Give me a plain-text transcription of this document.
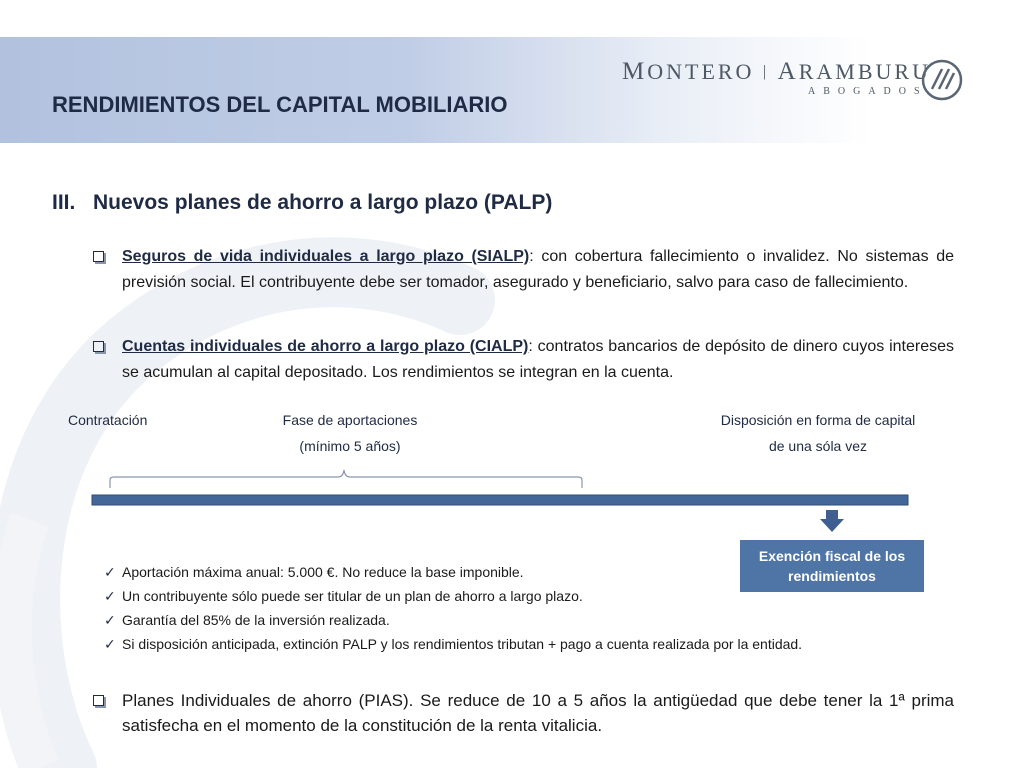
RENDIMIENTOS DEL CAPITAL MOBILIARIO
MONTERO | ARAMBURU
ABOGADOS
III. Nuevos planes de ahorro a largo plazo (PALP)
Seguros de vida individuales a largo plazo (SIALP): con cobertura fallecimiento o invalidez. No sistemas de previsión social. El contribuyente debe ser tomador, asegurado y beneficiario, salvo para caso de fallecimiento.
Cuentas individuales de ahorro a largo plazo (CIALP): contratos bancarios de depósito de dinero cuyos intereses se acumulan al capital depositado. Los rendimientos se integran en la cuenta.
Contratación	Fase de aportaciones
(mínimo 5 años)
Disposición en forma de capital
de una sóla vez
Exención fiscal de los rendimientos
✓ Aportación máxima anual: 5.000 €. No reduce la base imponible.
✓ Un contribuyente sólo puede ser titular de un plan de ahorro a largo plazo.
✓ Garantía del 85% de la inversión realizada.
✓ Si disposición anticipada, extinción PALP y los rendimientos tributan + pago a cuenta realizada por la entidad.
Planes Individuales de ahorro (PIAS). Se reduce de 10 a 5 años la antigüedad que debe tener la 1ª prima satisfecha en el momento de la constitución de la renta vitalicia.
